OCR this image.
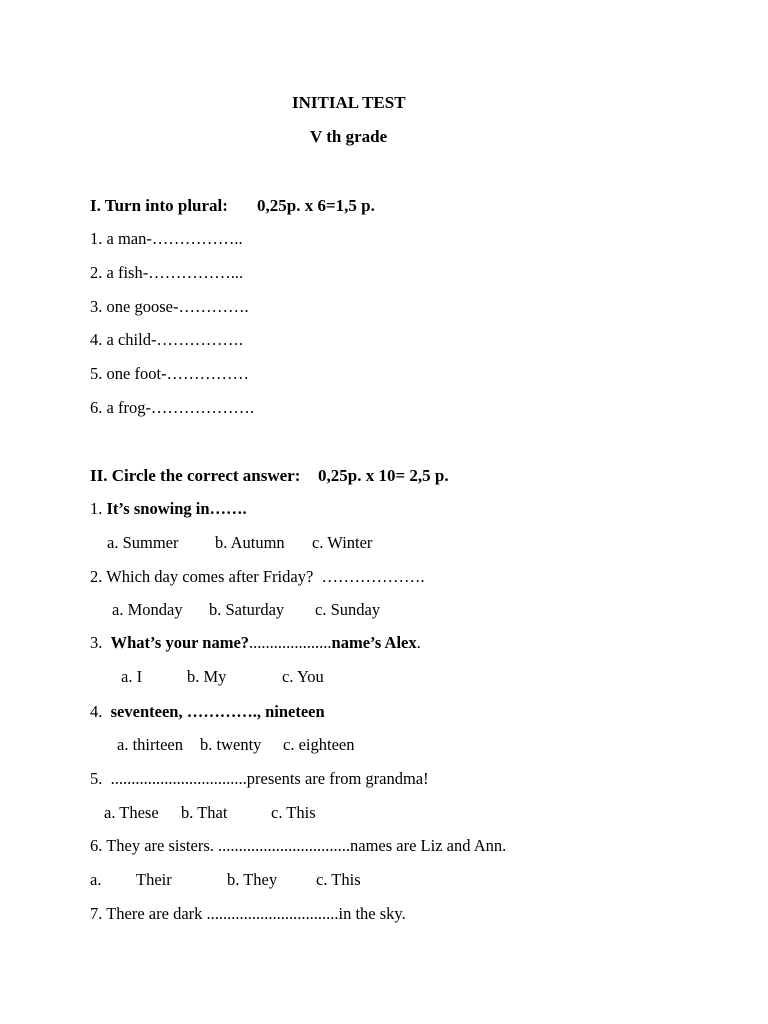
INITIAL TEST
V th grade
I. Turn into plural: 0,25p. x 6=1,5 p.
1. a man-……………..
2. a fish-……………...
3. one goose-………….
4. a child-…………….
5. one foot-……………
6. a frog-……………….
II. Circle the correct answer: 0,25p. x 10= 2,5 p.
1. It’s snowing in…….
a. Summer b. Autumn c. Winter
2. Which day comes after Friday?  ……………….
a. Monday b. Saturday c. Sunday
3.  What’s your name?....................name’s Alex.
a. I	b. My	c. You
4.  seventeen, …………., nineteen
a. thirteen b. twenty c. eighteen
5.  .................................presents are from grandma!
a. These b. That	c. This
6. They are sisters. ................................names are Liz and Ann.
a. Their	b. They c. This
7. There are dark ................................in the sky.
